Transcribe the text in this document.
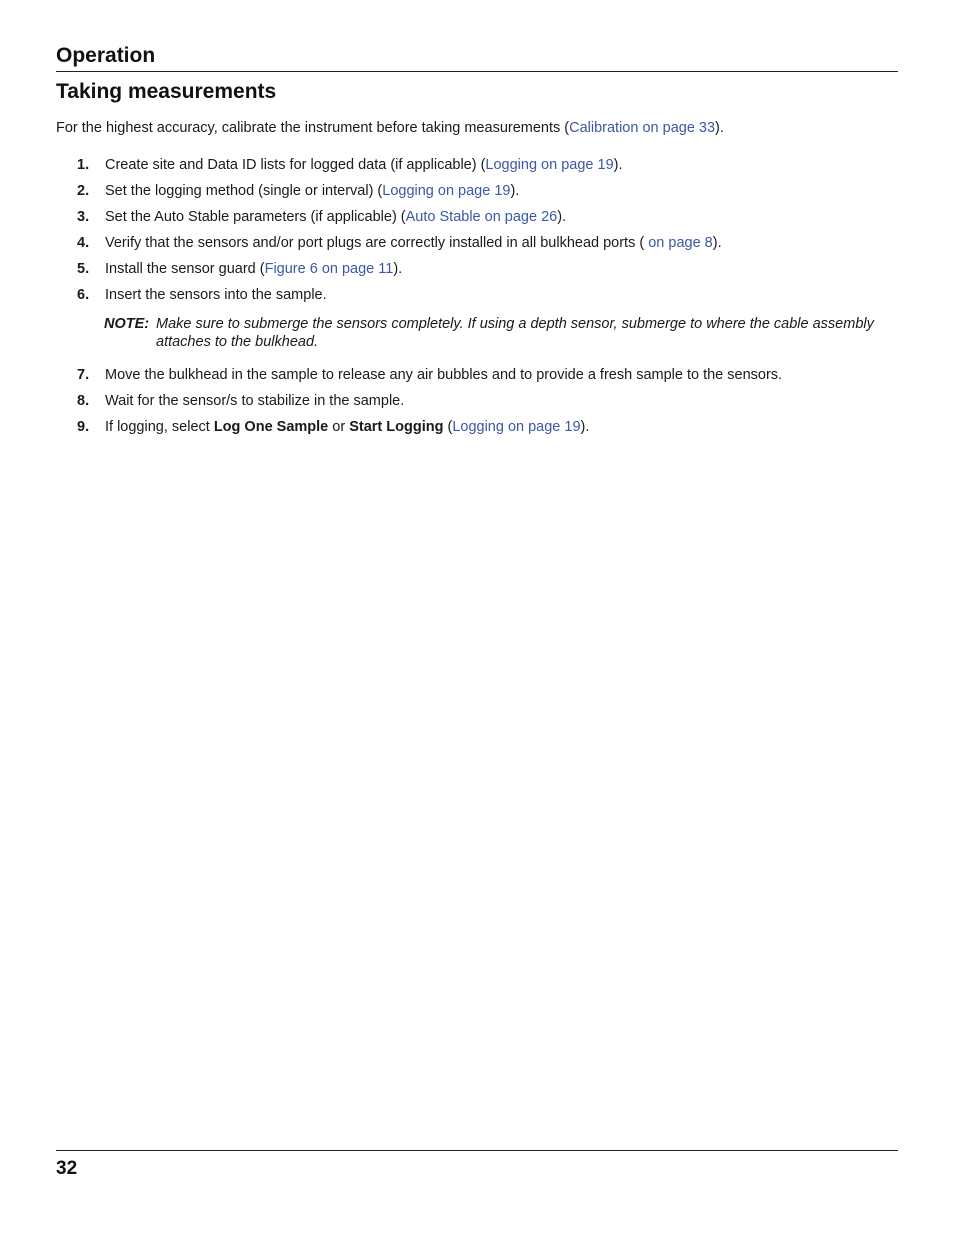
Operation
Taking measurements
For the highest accuracy, calibrate the instrument before taking measurements (Calibration on page 33).
1. Create site and Data ID lists for logged data (if applicable) (Logging on page 19).
2. Set the logging method (single or interval) (Logging on page 19).
3. Set the Auto Stable parameters (if applicable) (Auto Stable on page 26).
4. Verify that the sensors and/or port plugs are correctly installed in all bulkhead ports ( on page 8).
5. Install the sensor guard (Figure 6 on page 11).
6. Insert the sensors into the sample.
NOTE: Make sure to submerge the sensors completely. If using a depth sensor, submerge to where the cable assembly attaches to the bulkhead.
7. Move the bulkhead in the sample to release any air bubbles and to provide a fresh sample to the sensors.
8. Wait for the sensor/s to stabilize in the sample.
9. If logging, select Log One Sample or Start Logging (Logging on page 19).
32
